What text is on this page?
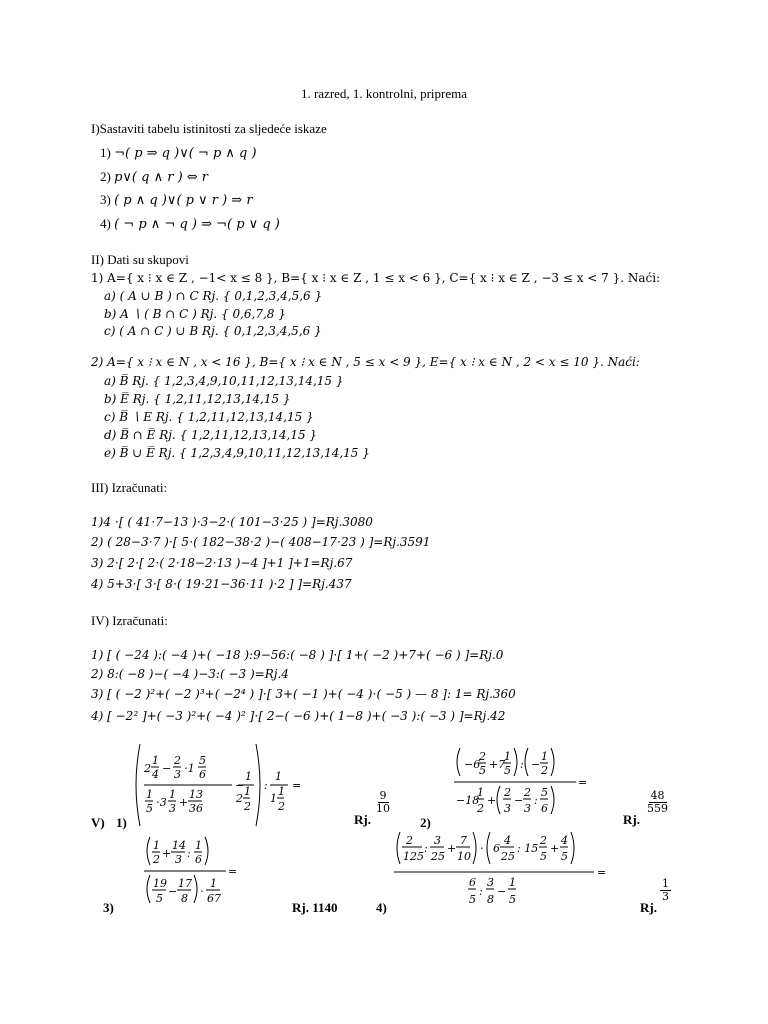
1. razred, 1. kontrolni, priprema
I)Sastaviti tabelu istinitosti za sljedeće iskaze
1) ¬( p ⇒ q )∨( ¬ p ∧ q )
2) p∨( q ∧ r ) ⇔ r
3) ( p ∧ q )∨( p ∨ r ) ⇒ r
4) ( ¬ p ∧ ¬ q ) ⇒ ¬( p ∨ q )
II) Dati su skupovi
1) A={ x ⁝ x ∈ Z , −1< x ≤ 8 }, B={ x ⁝ x ∈ Z , 1 ≤ x < 6 }, C={ x ⁝ x ∈ Z , −3 ≤ x < 7 }. Naći:
a) ( A ∪ B ) ∩ C Rj. { 0,1,2,3,4,5,6 }
b) A ∖ ( B ∩ C ) Rj. { 0,6,7,8 }
c) ( A ∩ C ) ∪ B Rj. { 0,1,2,3,4,5,6 }
2) A={ x ⁝ x ∈ N , x < 16 }, B={ x ⁝ x ∈ N , 5 ≤ x < 9 }, E={ x ⁝ x ∈ N , 2 < x ≤ 10 }. Naći:
a) B̅ Rj. { 1,2,3,4,9,10,11,12,13,14,15 }
b) E̅ Rj. { 1,2,11,12,13,14,15 }
c) B̅ ∖ E Rj. { 1,2,11,12,13,14,15 }
d) B̅ ∩ E̅ Rj. { 1,2,11,12,13,14,15 }
e) B̅ ∪ E̅ Rj. { 1,2,3,4,9,10,11,12,13,14,15 }
III) Izračunati:
1)4 ⋅[ ( 41⋅7−13 )⋅3−2⋅( 101−3⋅25 ) ]=Rj.3080
2) ( 28−3⋅7 )⋅[ 5⋅( 182−38⋅2 )−( 408−17⋅23 ) ]=Rj.3591
3) 2⋅[ 2⋅[ 2⋅( 2⋅18−2⋅13 )−4 ]+1 ]+1=Rj.67
4) 5+3⋅[ 3⋅[ 8⋅( 19⋅21−36⋅11 )⋅2 ] ]=Rj.437
IV) Izračunati:
1) [ ( −24 ):( −4 )+( −18 ):9−56:( −8 ) ]⋅[ 1+( −2 )+7+( −6 ) ]=Rj.0
2) 8:( −8 )−( −4 )−3:( −3 )=Rj.4
3) [ ( −2 )²+( −2 )³+( −2⁴ ) ]⋅[ 3+( −1 )+( −4 )⋅( −5 ) — 8 ]: 1= Rj.360
4) [ −2² ]+( −3 )²+( −4 )² ]⋅[ 2−( −6 )+( 1−8 )+( −3 ):( −3 ) ]=Rj.42
V) 1)
2
1
4 −
2
3 ⋅1
5
6
1
5 ⋅3
1
3 +
13
36
−
1
2
1
2
:
1
1
1
2
=
Rj.
$\frac{9}{10}$
2)
−6
2
5 +7
1
5 : −
1
2
=
−18
1
2
+
2
3
−
2
3
:
5
6
Rj.
$\frac{48}{559}$
3)
1
2 +
14
3 :
1
6
=
19
5
−
17
8
⋅
1
67
Rj. 1140	4)
2
125
:
3
25
+
7
10
⋅ 6
4
25
: 15
2
5
+
4
5
=
6
5
:
3
8
−
1
5
Rj.
$\frac{1}{3}$
